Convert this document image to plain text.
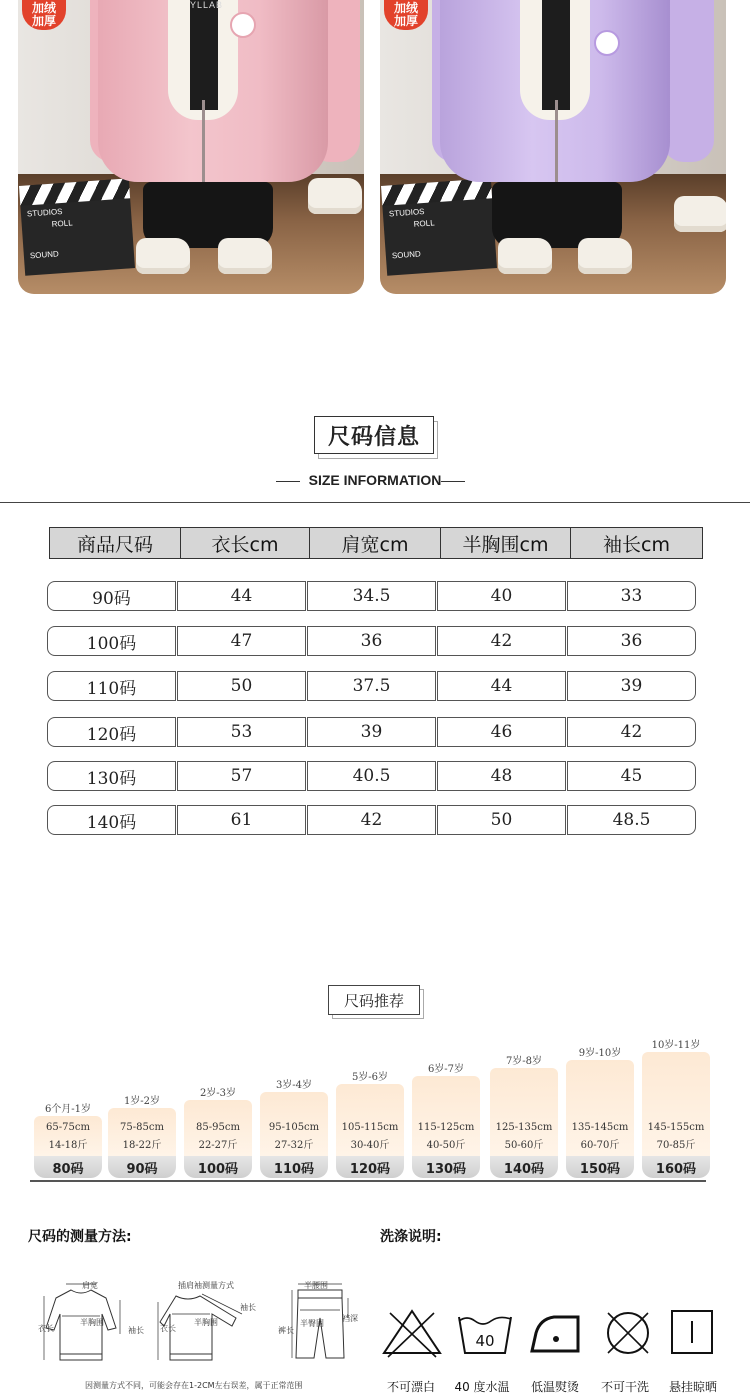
STUDIOS
ROLL
SOUND
YLLAB
加绒
加厚
STUDIOS
ROLL
SOUND
加绒
加厚
尺码信息
SIZE INFORMATION
商品尺码	衣长cm	肩宽cm	半胸围cm	袖长cm
90码	44	34.5	40	33
100码	47	36	42	36
110码	50	37.5	44	39
120码	53	39	46	42
130码	57	40.5	48	45
140码	61	42	50	48.5
尺码推荐
6个月-1岁
65-75cm
14-18斤
80码
1岁-2岁
75-85cm
18-22斤
90码
2岁-3岁
85-95cm
22-27斤
100码
3岁-4岁
95-105cm
27-32斤
110码
5岁-6岁
105-115cm
30-40斤
120码
6岁-7岁
115-125cm
40-50斤
130码
7岁-8岁
125-135cm
50-60斤
140码
9岁-10岁
135-145cm
60-70斤
150码
10岁-11岁
145-155cm
70-85斤
160码
尺码的测量方法:
肩宽
半胸围
衣长	袖长
插肩袖测量方式
袖长
半胸围
衣长
半腰围
半臀围
裆深
裤长
因测量方式不同，可能会存在1-2CM左右误差，属于正常范围
洗涤说明:
40
不可漂白	40 度水温	低温熨烫	不可干洗	悬挂晾晒
